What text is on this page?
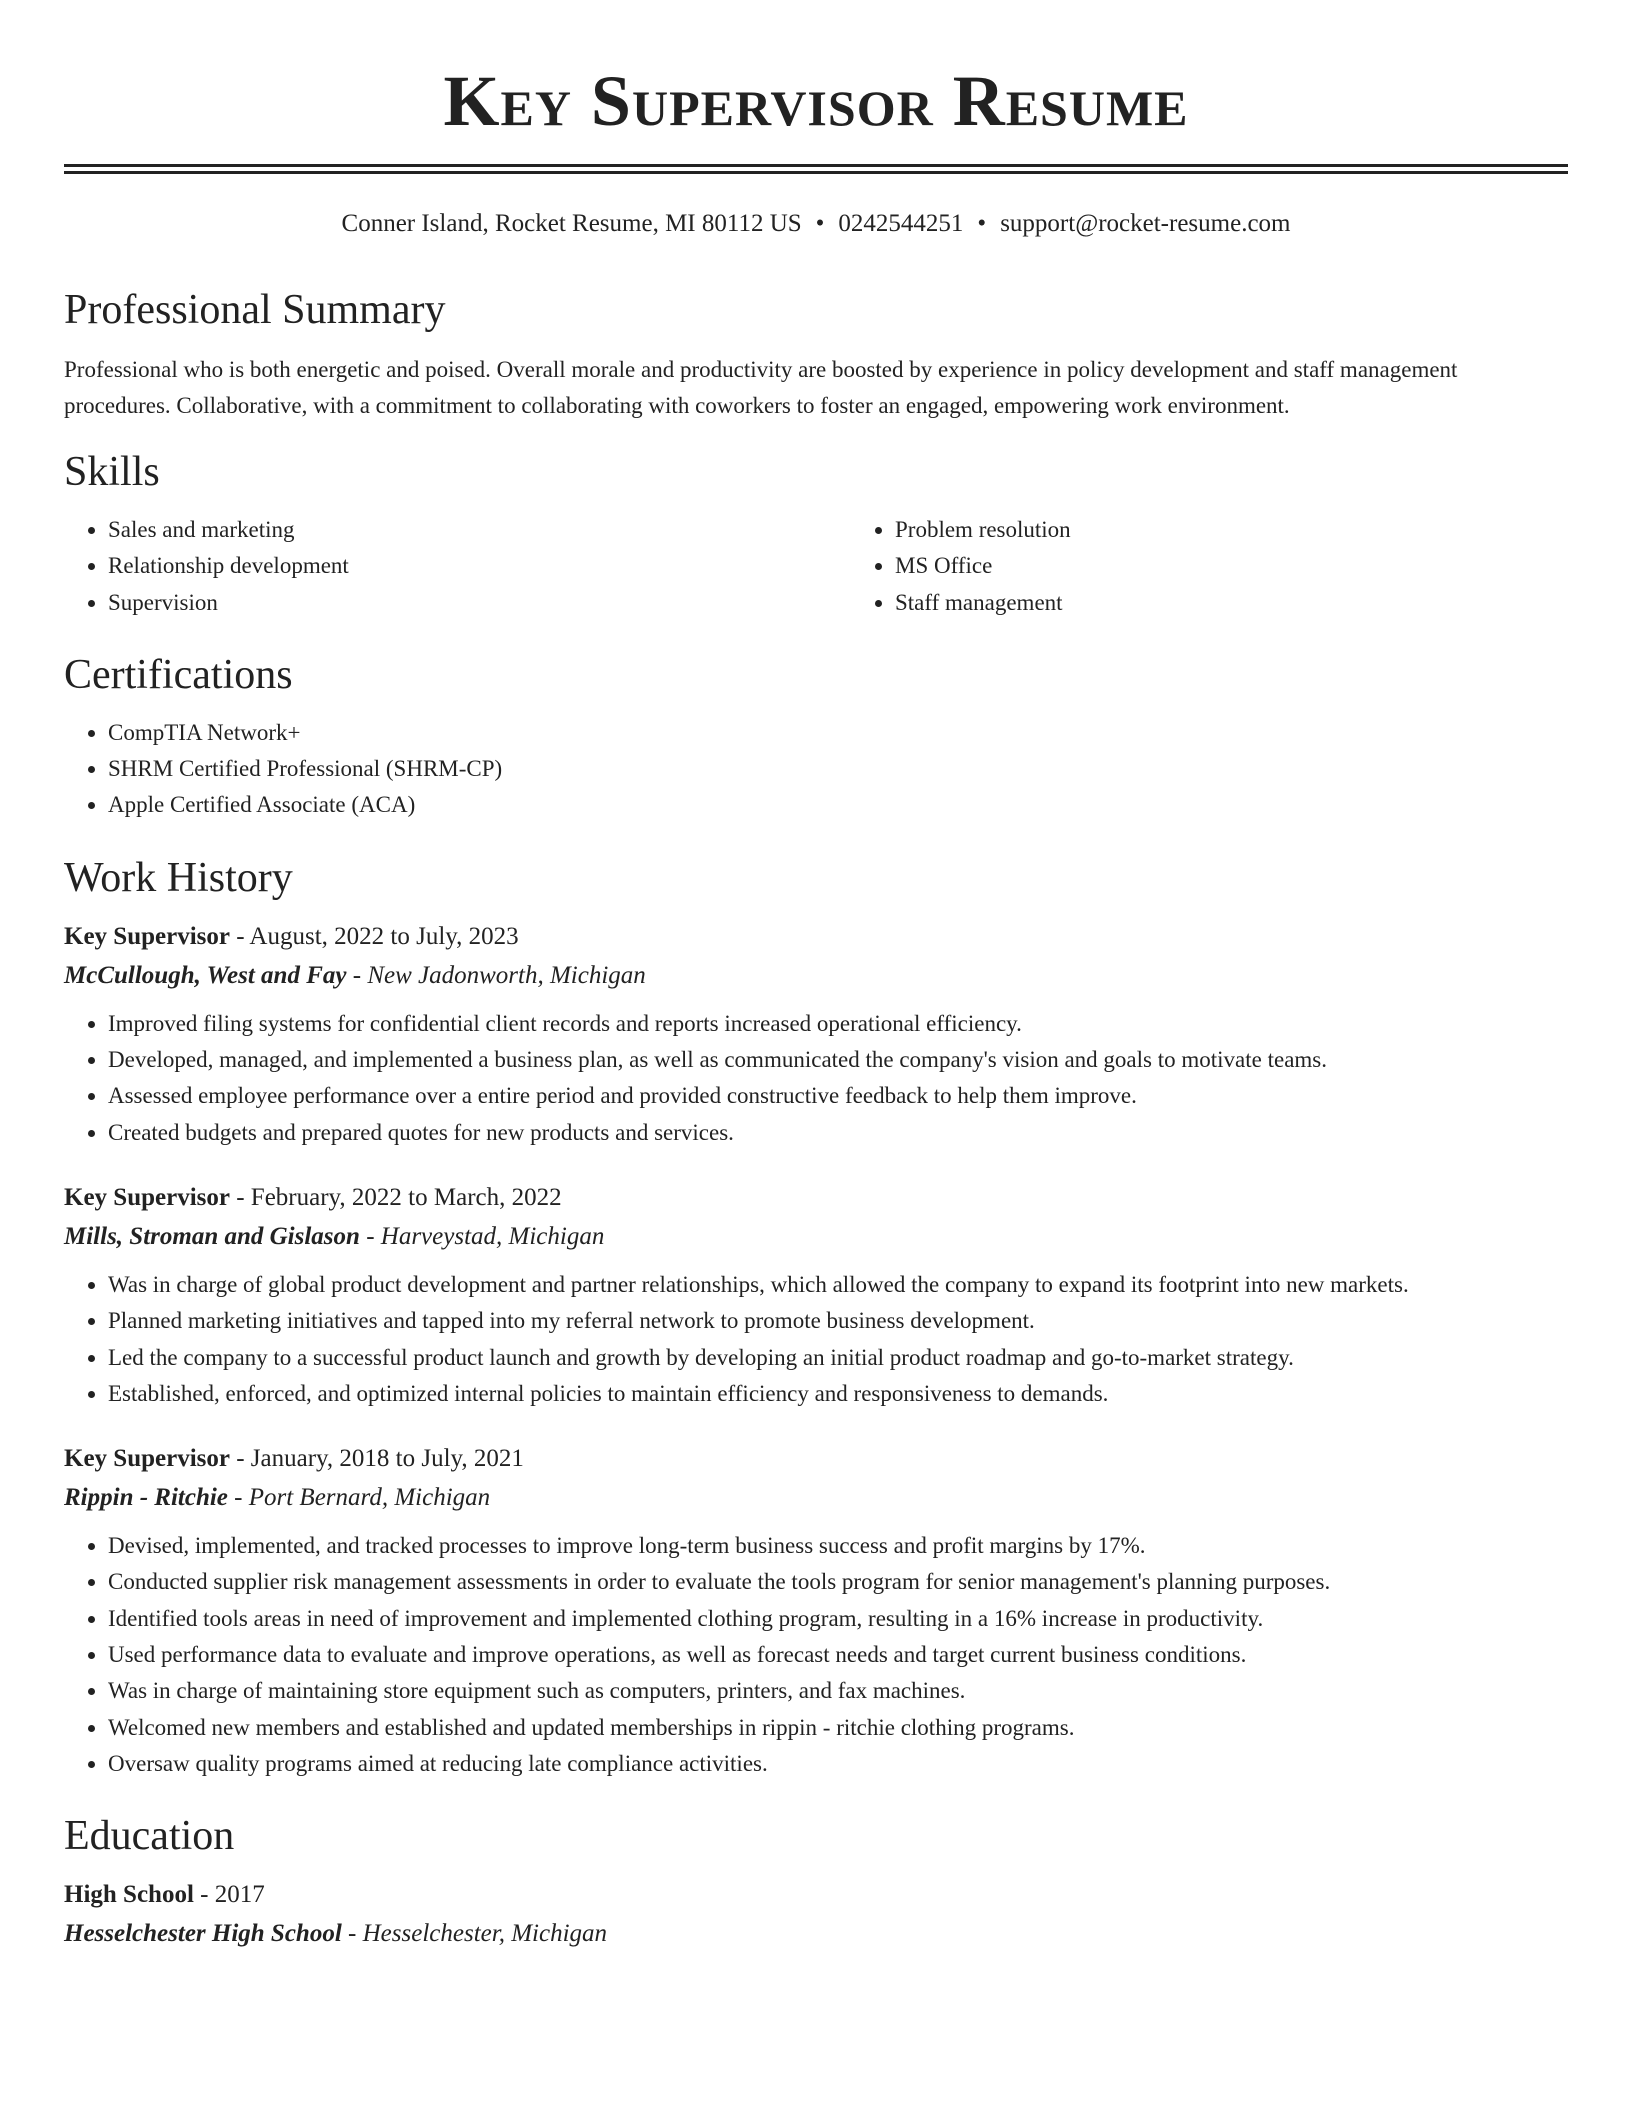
Key Supervisor Resume
Conner Island, Rocket Resume, MI 80112 US • 0242544251 • support@rocket-resume.com
Professional Summary

Professional who is both energetic and poised. Overall morale and productivity are boosted by experience in policy development and staff management procedures. Collaborative, with a commitment to collaborating with coworkers to foster an engaged, empowering work environment.

Skills
• Sales and marketing
• Relationship development
• Supervision
• Problem resolution
• MS Office
• Staff management
Certifications
• CompTIA Network+
• SHRM Certified Professional (SHRM-CP)
• Apple Certified Associate (ACA)
Work History
Key Supervisor - August, 2022 to July, 2023
McCullough, West and Fay - New Jadonworth, Michigan
• Improved filing systems for confidential client records and reports increased operational efficiency.
• Developed, managed, and implemented a business plan, as well as communicated the company's vision and goals to motivate teams.
• Assessed employee performance over a entire period and provided constructive feedback to help them improve.
• Created budgets and prepared quotes for new products and services.
Key Supervisor - February, 2022 to March, 2022
Mills, Stroman and Gislason - Harveystad, Michigan
• Was in charge of global product development and partner relationships, which allowed the company to expand its footprint into new markets.
• Planned marketing initiatives and tapped into my referral network to promote business development.
• Led the company to a successful product launch and growth by developing an initial product roadmap and go-to-market strategy.
• Established, enforced, and optimized internal policies to maintain efficiency and responsiveness to demands.
Key Supervisor - January, 2018 to July, 2021
Rippin - Ritchie - Port Bernard, Michigan
• Devised, implemented, and tracked processes to improve long-term business success and profit margins by 17%.
• Conducted supplier risk management assessments in order to evaluate the tools program for senior management's planning purposes.
• Identified tools areas in need of improvement and implemented clothing program, resulting in a 16% increase in productivity.
• Used performance data to evaluate and improve operations, as well as forecast needs and target current business conditions.
• Was in charge of maintaining store equipment such as computers, printers, and fax machines.
• Welcomed new members and established and updated memberships in rippin - ritchie clothing programs.
• Oversaw quality programs aimed at reducing late compliance activities.
Education
High School - 2017
Hesselchester High School - Hesselchester, Michigan
